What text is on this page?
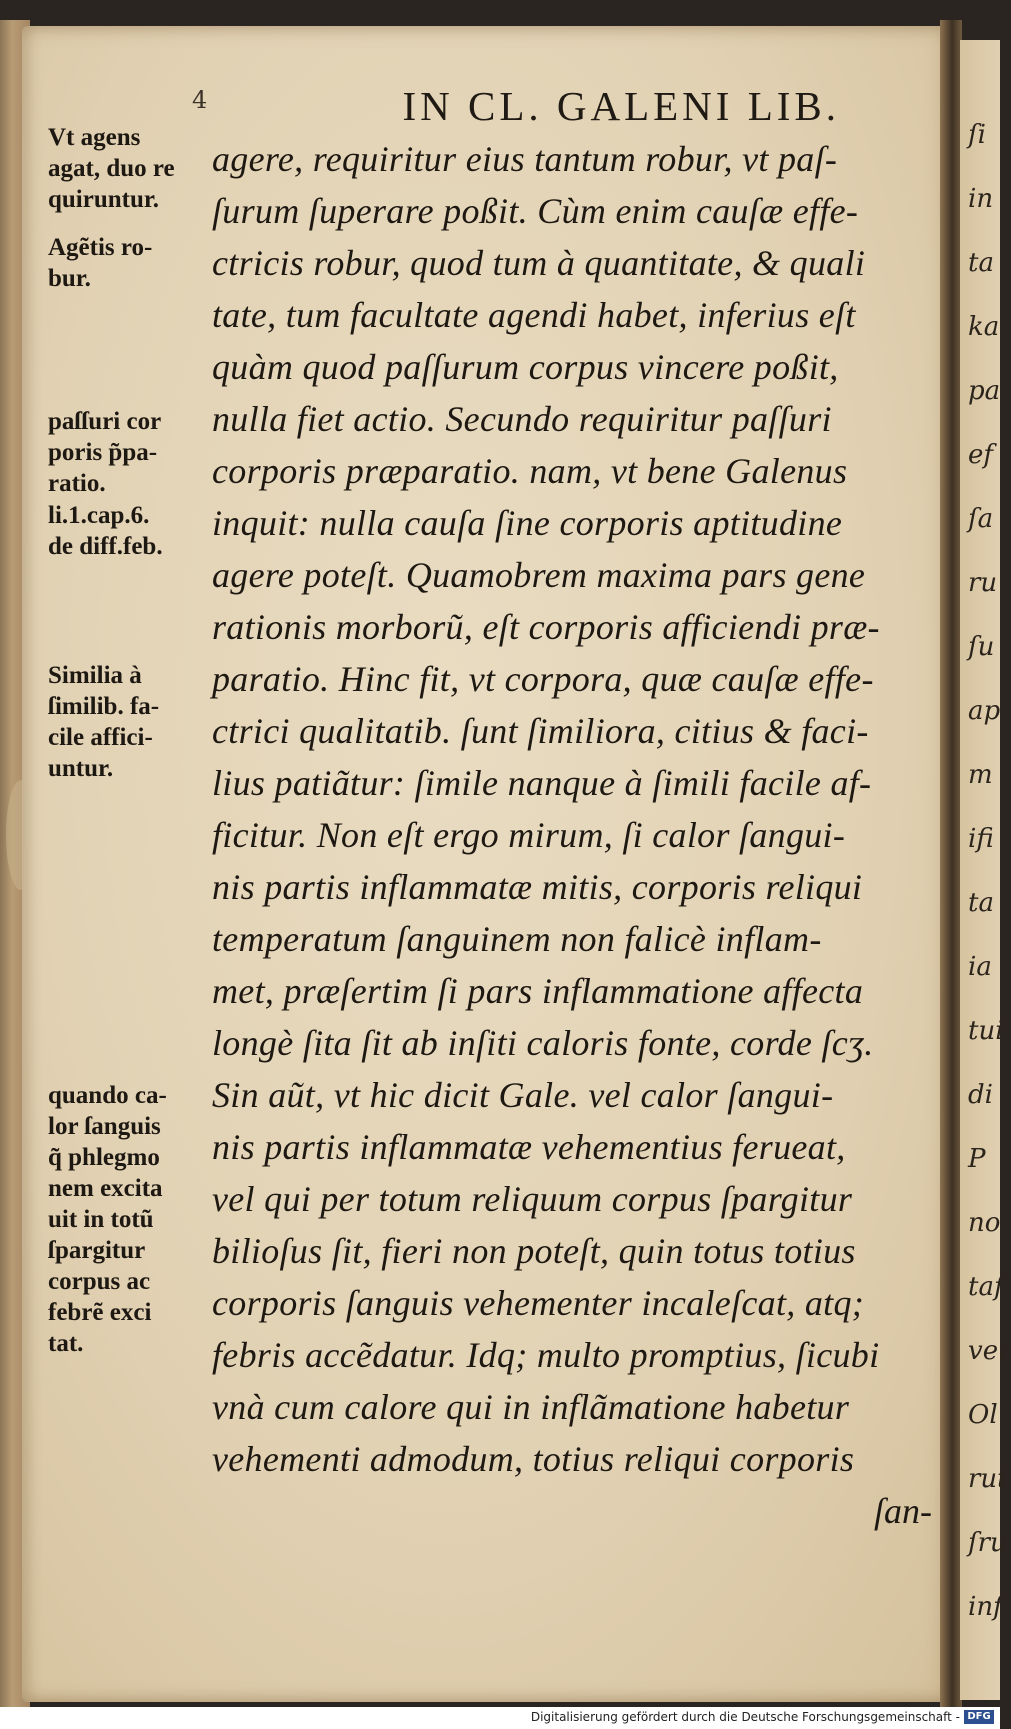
ſi
in
ta
ka
pa
ef
ſa
ru
ſu
ap
m
ifi
ta
ia
tui
di
P
no
taſ
ver
Ol
rut
ſru
inf
4	IN CL. GALENI LIB.
Vt agens
agat, duo re
quiruntur.
Agẽtis ro-
bur.
paſſuri cor
poris p̃pa-
ratio.
li.1.cap.6.
de diff.feb.
Similia à
ſimilib. fa-
cile affici-
untur.
quando ca-
lor ſanguis
q̃ phlegmo
nem excita
uit in totũ
ſpargitur
corpus ac
febrẽ exci
tat.
agere, requiritur eius tantum robur, vt paſ-
ſurum ſuperare poßit. Cùm enim cauſæ effe-
ctricis robur, quod tum à quantitate, & quali
tate, tum facultate agendi habet, inferius eſt
quàm quod paſſurum corpus vincere poßit,
nulla fiet actio. Secundo requiritur paſſuri
corporis præparatio. nam, vt bene Galenus
inquit: nulla cauſa ſine corporis aptitudine
agere poteſt. Quamobrem maxima pars gene
rationis morborũ, eſt corporis afficiendi præ-
paratio. Hinc fit, vt corpora, quæ cauſæ effe-
ctrici qualitatib. ſunt ſimiliora, citius & faci-
lius patiãtur: ſimile nanque à ſimili facile af-
ficitur. Non eſt ergo mirum, ſi calor ſangui-
nis partis inflammatæ mitis, corporis reliqui
temperatum ſanguinem non falicè inflam-
met, præſertim ſi pars inflammatione affecta
longè ſita ſit ab inſiti caloris fonte, corde ſcʒ.
Sin aũt, vt hic dicit Gale. vel calor ſangui-
nis partis inflammatæ vehementius ferueat,
vel qui per totum reliquum corpus ſpargitur
bilioſus ſit, fieri non poteſt, quin totus totius
corporis ſanguis vehementer incaleſcat, atq;
febris accẽdatur. Idq; multo promptius, ſicubi
vnà cum calore qui in inflãmatione habetur
vehementi admodum, totius reliqui corporis
ſan-
Digitalisierung gefördert durch die Deutsche Forschungsgemeinschaft - DFG
